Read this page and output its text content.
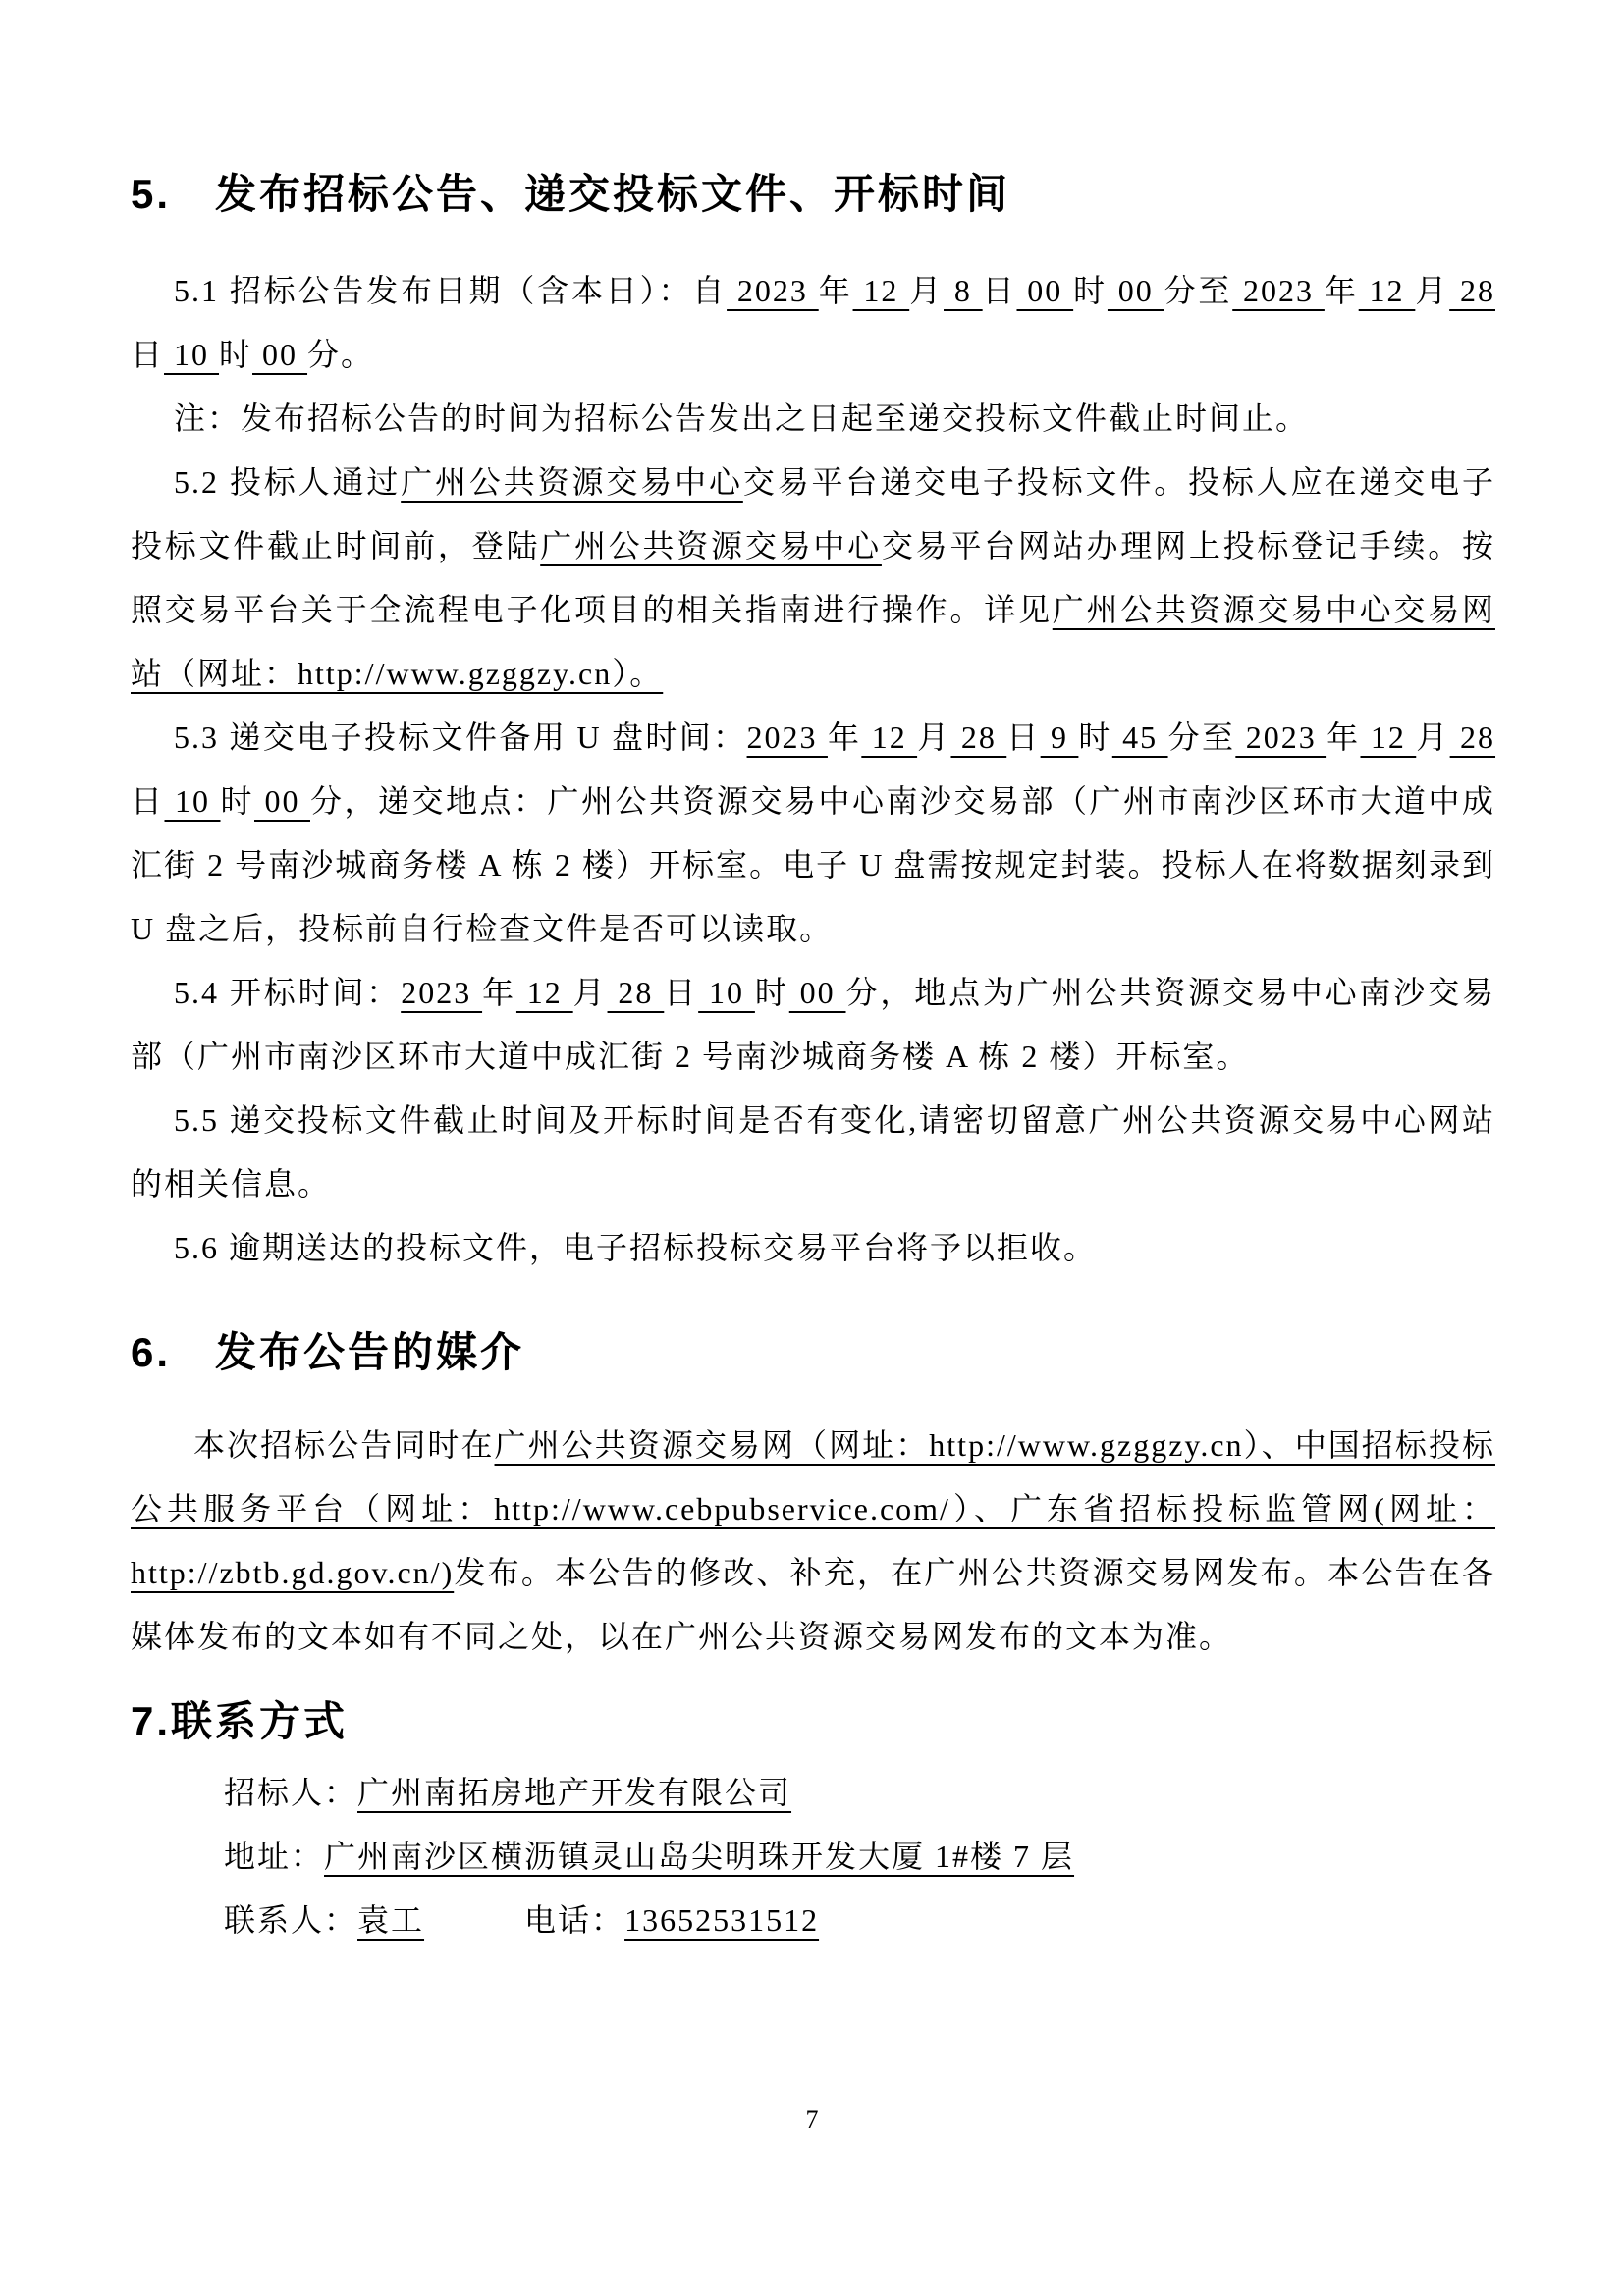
5.　发布招标公告、递交投标文件、开标时间

5.1 招标公告发布日期（含本日）：自 2023 年 12 月 8 日 00 时 00 分至 2023 年 12 月 28 日 10 时 00 分。

注：发布招标公告的时间为招标公告发出之日起至递交投标文件截止时间止。

5.2 投标人通过广州公共资源交易中心交易平台递交电子投标文件。投标人应在递交电子投标文件截止时间前，登陆广州公共资源交易中心交易平台网站办理网上投标登记手续。按照交易平台关于全流程电子化项目的相关指南进行操作。详见广州公共资源交易中心交易网站（网址：http://www.gzggzy.cn）。

5.3 递交电子投标文件备用 U 盘时间：2023 年 12 月 28 日 9 时 45 分至 2023 年 12 月 28 日 10 时 00 分，递交地点：广州公共资源交易中心南沙交易部（广州市南沙区环市大道中成汇街 2 号南沙城商务楼 A 栋 2 楼）开标室。电子 U 盘需按规定封装。投标人在将数据刻录到 U 盘之后，投标前自行检查文件是否可以读取。

5.4 开标时间：2023 年 12 月 28 日 10 时 00 分，地点为广州公共资源交易中心南沙交易部（广州市南沙区环市大道中成汇街 2 号南沙城商务楼 A 栋 2 楼）开标室。

5.5 递交投标文件截止时间及开标时间是否有变化,请密切留意广州公共资源交易中心网站的相关信息。

5.6 逾期送达的投标文件，电子招标投标交易平台将予以拒收。

6.　发布公告的媒介

本次招标公告同时在广州公共资源交易网（网址：http://www.gzggzy.cn）、中国招标投标公共服务平台（网址：http://www.cebpubservice.com/）、广东省招标投标监管网(网址：http://zbtb.gd.gov.cn/)发布。本公告的修改、补充，在广州公共资源交易网发布。本公告在各媒体发布的文本如有不同之处，以在广州公共资源交易网发布的文本为准。

7.联系方式

招标人：广州南拓房地产开发有限公司

地址：广州南沙区横沥镇灵山岛尖明珠开发大厦 1#楼 7 层

联系人：袁工　　　	电话：13652531512

7
